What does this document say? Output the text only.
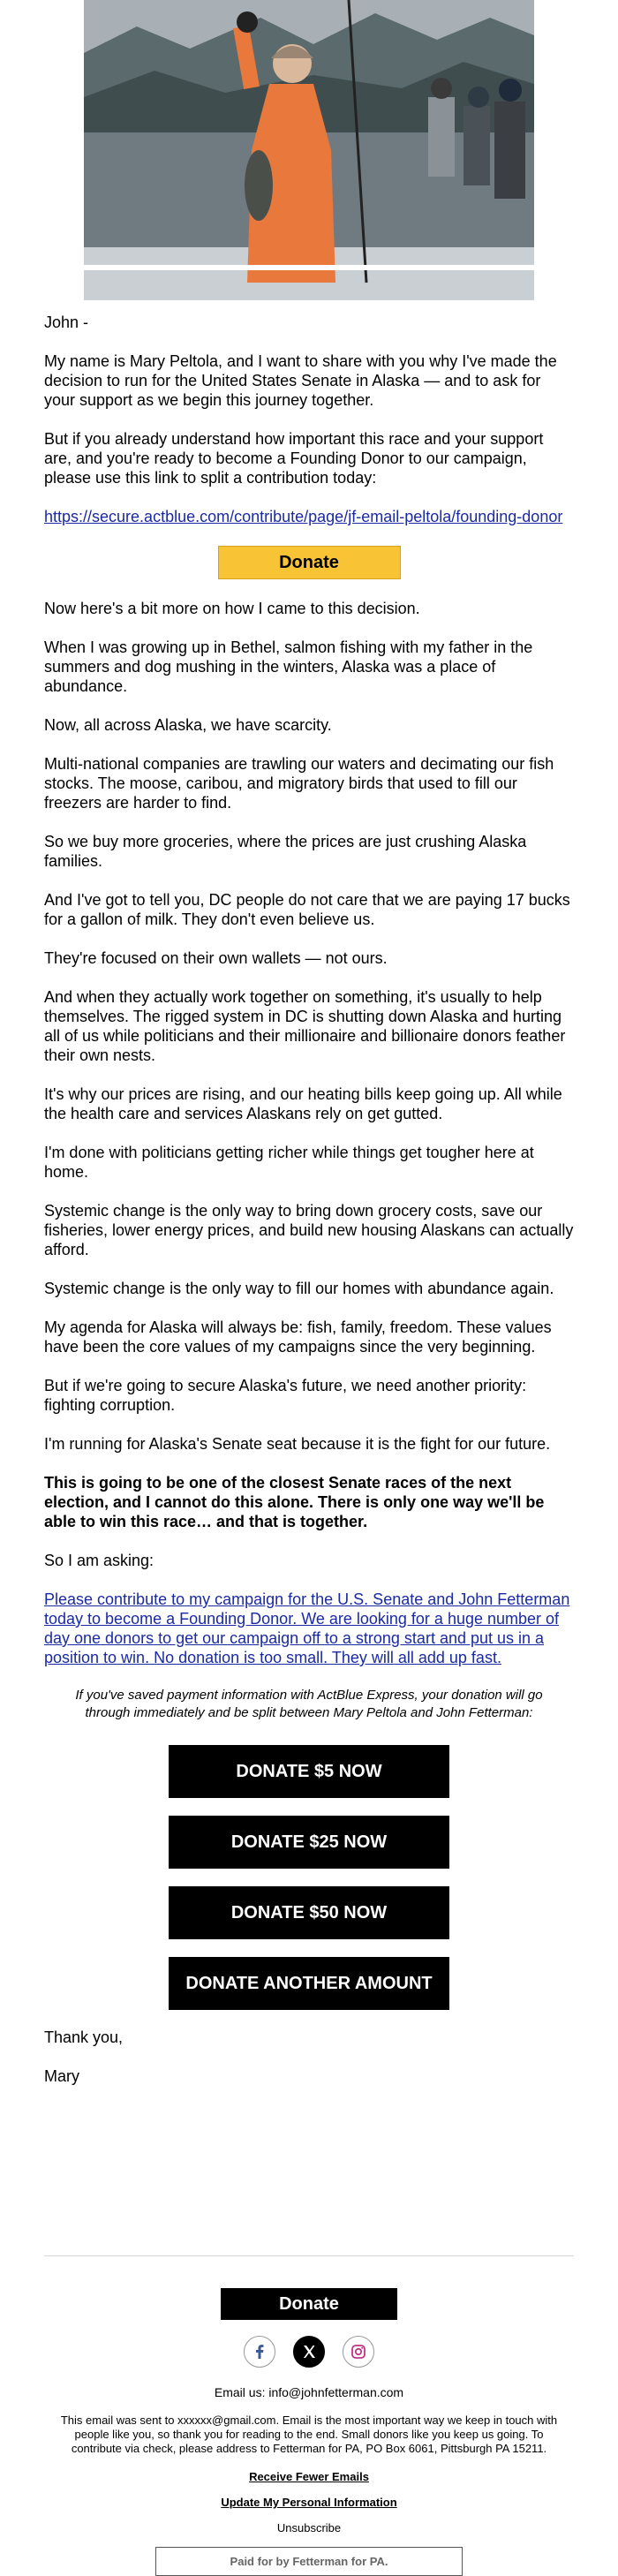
John -

My name is Mary Peltola, and I want to share with you why I've made the decision to run for the United States Senate in Alaska — and to ask for your support as we begin this journey together.

But if you already understand how important this race and your support are, and you're ready to become a Founding Donor to our campaign, please use this link to split a contribution today:

https://secure.actblue.com/contribute/page/jf-email-peltola/founding-donor

Donate

Now here's a bit more on how I came to this decision.

When I was growing up in Bethel, salmon fishing with my father in the summers and dog mushing in the winters, Alaska was a place of abundance.

Now, all across Alaska, we have scarcity.

Multi-national companies are trawling our waters and decimating our fish stocks. The moose, caribou, and migratory birds that used to fill our freezers are harder to find.

So we buy more groceries, where the prices are just crushing Alaska families.

And I've got to tell you, DC people do not care that we are paying 17 bucks for a gallon of milk. They don't even believe us.

They're focused on their own wallets — not ours.

And when they actually work together on something, it's usually to help themselves. The rigged system in DC is shutting down Alaska and hurting all of us while politicians and their millionaire and billionaire donors feather their own nests.

It's why our prices are rising, and our heating bills keep going up. All while the health care and services Alaskans rely on get gutted.

I'm done with politicians getting richer while things get tougher here at home.

Systemic change is the only way to bring down grocery costs, save our fisheries, lower energy prices, and build new housing Alaskans can actually afford.

Systemic change is the only way to fill our homes with abundance again.

My agenda for Alaska will always be: fish, family, freedom. These values have been the core values of my campaigns since the very beginning.

But if we're going to secure Alaska's future, we need another priority: fighting corruption.

I'm running for Alaska's Senate seat because it is the fight for our future.

This is going to be one of the closest Senate races of the next election, and I cannot do this alone. There is only one way we'll be able to win this race… and that is together.

So I am asking:

Please contribute to my campaign for the U.S. Senate and John Fetterman today to become a Founding Donor. We are looking for a huge number of day one donors to get our campaign off to a strong start and put us in a position to win. No donation is too small. They will all add up fast.

If you've saved payment information with ActBlue Express, your donation will go through immediately and be split between Mary Peltola and John Fetterman:

DONATE $5 NOW
DONATE $25 NOW
DONATE $50 NOW
DONATE ANOTHER AMOUNT

Thank you,

Mary

Donate

Email us: info@johnfetterman.com

This email was sent to xxxxxx@gmail.com. Email is the most important way we keep in touch with people like you, so thank you for reading to the end. Small donors like you keep us going. To contribute via check, please address to Fetterman for PA, PO Box 6061, Pittsburgh PA 15211.

Receive Fewer Emails
Update My Personal Information
Unsubscribe
Paid for by Fetterman for PA.
